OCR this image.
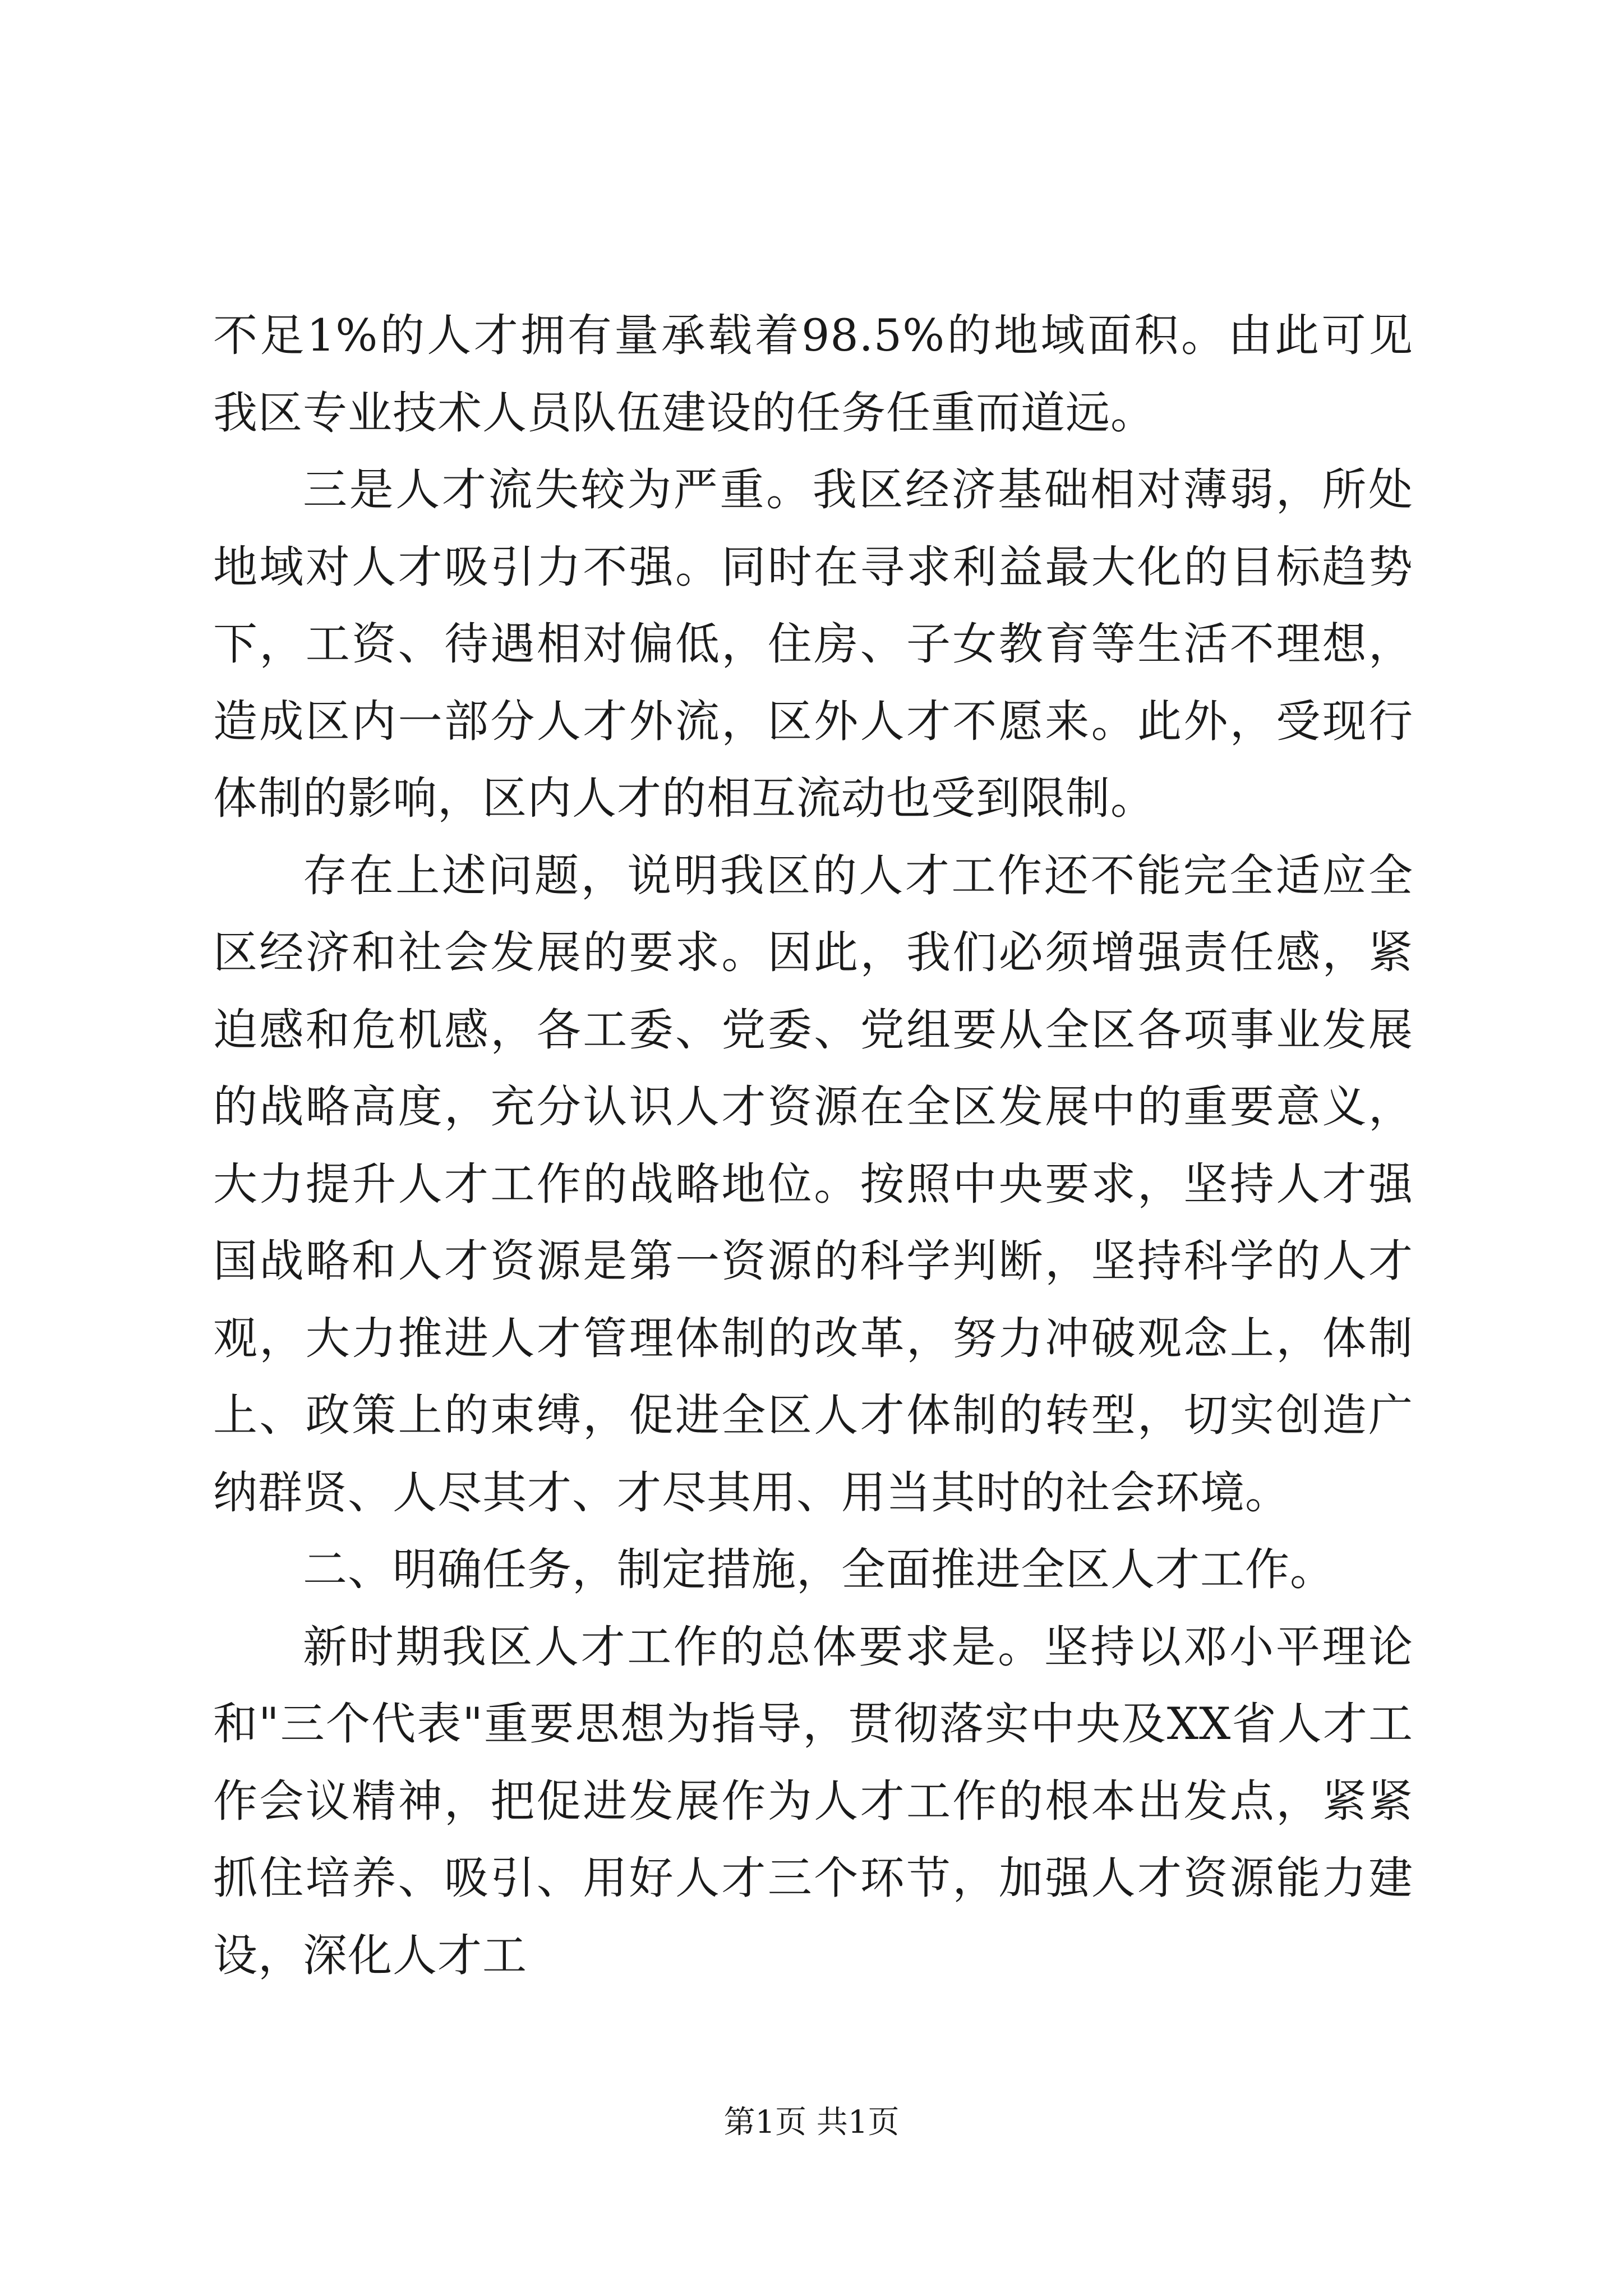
不足1%的人才拥有量承载着98.5%的地域面积。由此可见我区专业技术人员队伍建设的任务任重而道远。

三是人才流失较为严重。我区经济基础相对薄弱，所处地域对人才吸引力不强。同时在寻求利益最大化的目标趋势下，工资、待遇相对偏低，住房、子女教育等生活不理想，造成区内一部分人才外流，区外人才不愿来。此外，受现行体制的影响，区内人才的相互流动也受到限制。

存在上述问题，说明我区的人才工作还不能完全适应全区经济和社会发展的要求。因此，我们必须增强责任感，紧迫感和危机感，各工委、党委、党组要从全区各项事业发展的战略高度，充分认识人才资源在全区发展中的重要意义，大力提升人才工作的战略地位。按照中央要求，坚持人才强国战略和人才资源是第一资源的科学判断，坚持科学的人才观，大力推进人才管理体制的改革，努力冲破观念上，体制上、政策上的束缚，促进全区人才体制的转型，切实创造广纳群贤、人尽其才、才尽其用、用当其时的社会环境。

二、明确任务，制定措施，全面推进全区人才工作。

新时期我区人才工作的总体要求是。坚持以邓小平理论和"三个代表"重要思想为指导，贯彻落实中央及XX省人才工作会议精神，把促进发展作为人才工作的根本出发点，紧紧抓住培养、吸引、用好人才三个环节，加强人才资源能力建设，深化人才工

第1页 共1页
